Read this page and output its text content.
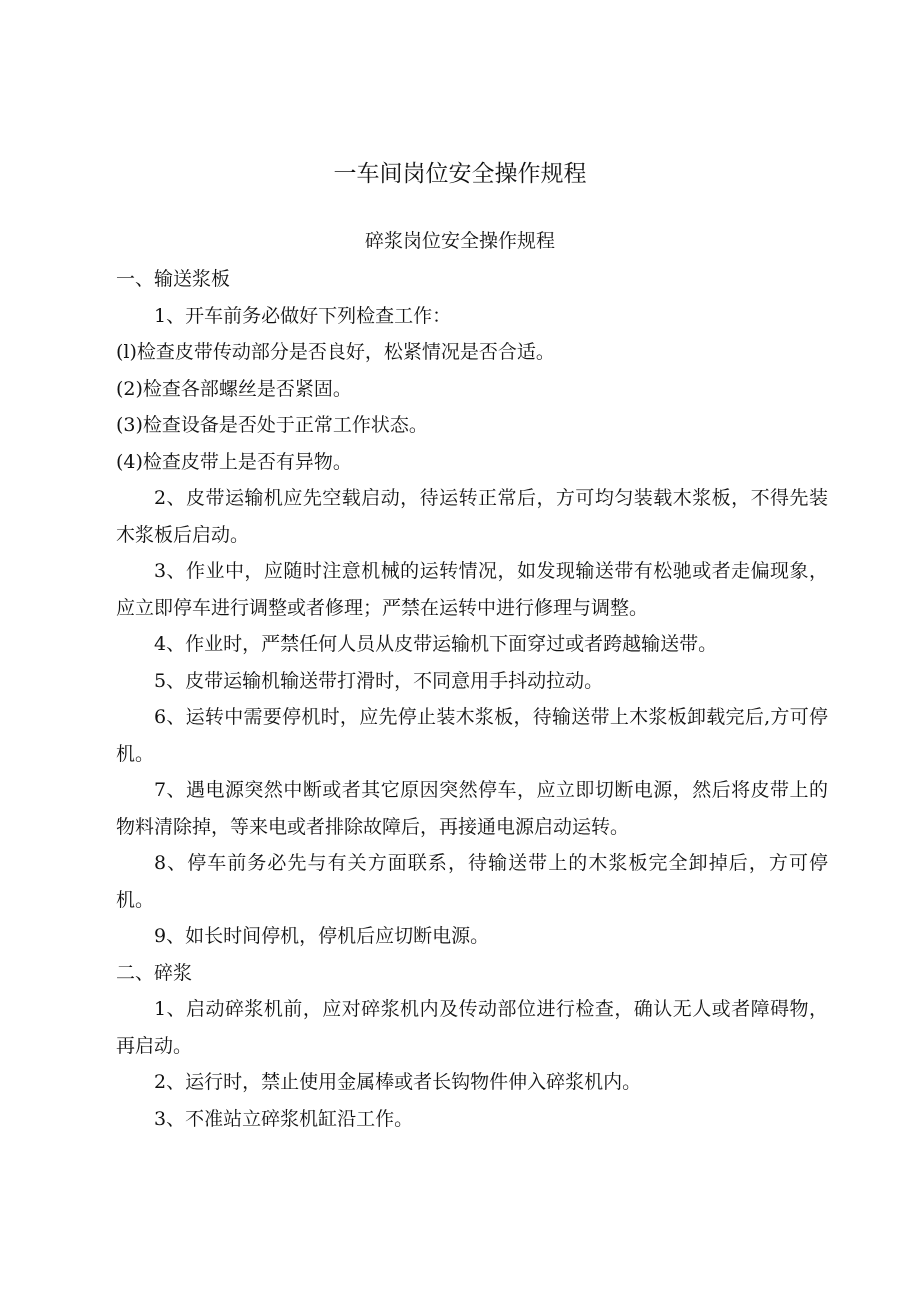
一车间岗位安全操作规程
碎浆岗位安全操作规程

一、输送浆板

1、开车前务必做好下列检查工作：

(l)检查皮带传动部分是否良好，松紧情况是否合适。

(2)检查各部螺丝是否紧固。

(3)检查设备是否处于正常工作状态。

(4)检查皮带上是否有异物。

2、皮带运输机应先空载启动，待运转正常后，方可均匀装载木浆板，不得先装木浆板后启动。

3、作业中，应随时注意机械的运转情况，如发现输送带有松驰或者走偏现象，应立即停车进行调整或者修理；严禁在运转中进行修理与调整。

4、作业时，严禁任何人员从皮带运输机下面穿过或者跨越输送带。

5、皮带运输机输送带打滑时，不同意用手抖动拉动。

6、运转中需要停机时，应先停止装木浆板，待输送带上木浆板卸载完后,方可停机。

7、遇电源突然中断或者其它原因突然停车，应立即切断电源，然后将皮带上的物料清除掉，等来电或者排除故障后，再接通电源启动运转。

8、停车前务必先与有关方面联系，待输送带上的木浆板完全卸掉后，方可停机。

9、如长时间停机，停机后应切断电源。

二、碎浆

1、启动碎浆机前，应对碎浆机内及传动部位进行检查，确认无人或者障碍物，再启动。

2、运行时，禁止使用金属棒或者长钩物件伸入碎浆机内。

3、不准站立碎浆机缸沿工作。
